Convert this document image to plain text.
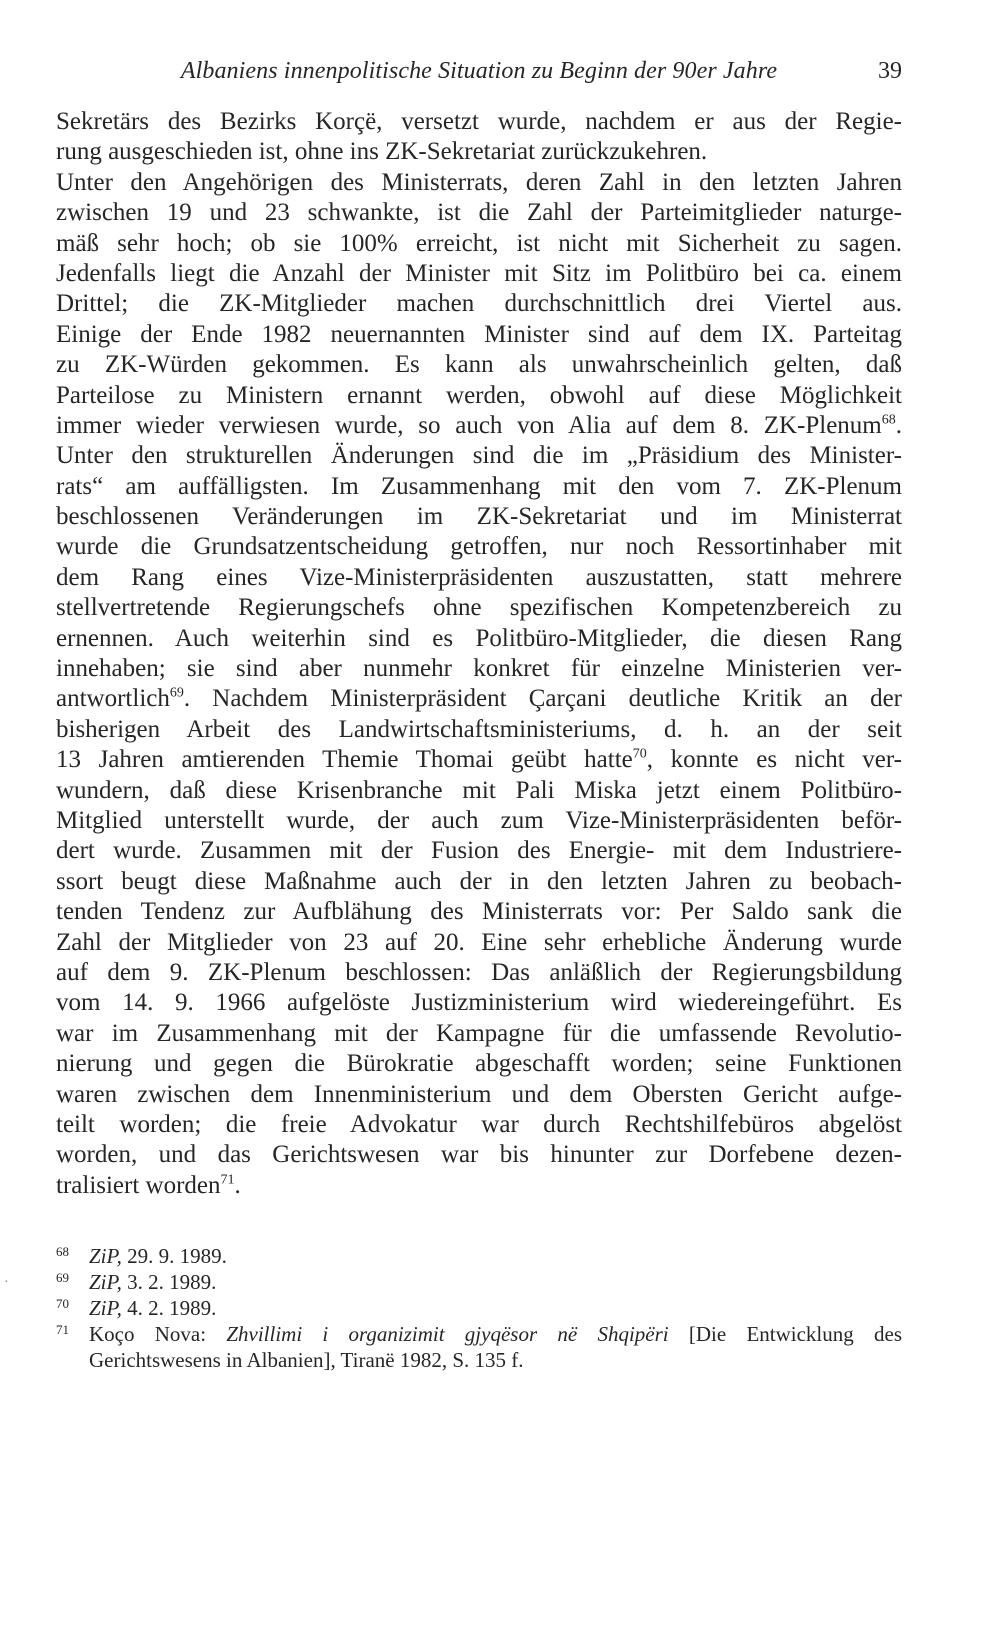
Albaniens innenpolitische Situation zu Beginn der 90er Jahre	39
Sekretärs des Bezirks Korçë, versetzt wurde, nachdem er aus der Regie-
rung ausgeschieden ist, ohne ins ZK-Sekretariat zurückzukehren.
Unter den Angehörigen des Ministerrats, deren Zahl in den letzten Jahren
zwischen 19 und 23 schwankte, ist die Zahl der Parteimitglieder naturge-
mäß sehr hoch; ob sie 100% erreicht, ist nicht mit Sicherheit zu sagen.
Jedenfalls liegt die Anzahl der Minister mit Sitz im Politbüro bei ca. einem
Drittel; die ZK-Mitglieder machen durchschnittlich drei Viertel aus.
Einige der Ende 1982 neuernannten Minister sind auf dem IX. Parteitag
zu ZK-Würden gekommen. Es kann als unwahrscheinlich gelten, daß
Parteilose zu Ministern ernannt werden, obwohl auf diese Möglichkeit
immer wieder verwiesen wurde, so auch von Alia auf dem 8. ZK-Plenum$^{68}$.
Unter den strukturellen Änderungen sind die im „Präsidium des Minister-
rats“ am auffälligsten. Im Zusammenhang mit den vom 7. ZK-Plenum
beschlossenen Veränderungen im ZK-Sekretariat und im Ministerrat
wurde die Grundsatzentscheidung getroffen, nur noch Ressortinhaber mit
dem Rang eines Vize-Ministerpräsidenten auszustatten, statt mehrere
stellvertretende Regierungschefs ohne spezifischen Kompetenzbereich zu
ernennen. Auch weiterhin sind es Politbüro-Mitglieder, die diesen Rang
innehaben; sie sind aber nunmehr konkret für einzelne Ministerien ver-
antwortlich$^{69}$. Nachdem Ministerpräsident Çarçani deutliche Kritik an der
bisherigen Arbeit des Landwirtschaftsministeriums, d. h. an der seit
13 Jahren amtierenden Themie Thomai geübt hatte$^{70}$, konnte es nicht ver-
wundern, daß diese Krisenbranche mit Pali Miska jetzt einem Politbüro-
Mitglied unterstellt wurde, der auch zum Vize-Ministerpräsidenten beför-
dert wurde. Zusammen mit der Fusion des Energie- mit dem Industriere-
ssort beugt diese Maßnahme auch der in den letzten Jahren zu beobach-
tenden Tendenz zur Aufblähung des Ministerrats vor: Per Saldo sank die
Zahl der Mitglieder von 23 auf 20. Eine sehr erhebliche Änderung wurde
auf dem 9. ZK-Plenum beschlossen: Das anläßlich der Regierungsbildung
vom 14. 9. 1966 aufgelöste Justizministerium wird wiedereingeführt. Es
war im Zusammenhang mit der Kampagne für die umfassende Revolutio-
nierung und gegen die Bürokratie abgeschafft worden; seine Funktionen
waren zwischen dem Innenministerium und dem Obersten Gericht aufge-
teilt worden; die freie Advokatur war durch Rechtshilfebüros abgelöst
worden, und das Gerichtswesen war bis hinunter zur Dorfebene dezen-
tralisiert worden$^{71}$.
·
68 ZiP, 29. 9. 1989.
69 ZiP, 3. 2. 1989.
70 ZiP, 4. 2. 1989.
71 Koço Nova: Zhvillimi i organizimit gjyqësor në Shqipëri [Die Entwicklung des
Gerichtswesens in Albanien], Tiranë 1982, S. 135 f.
